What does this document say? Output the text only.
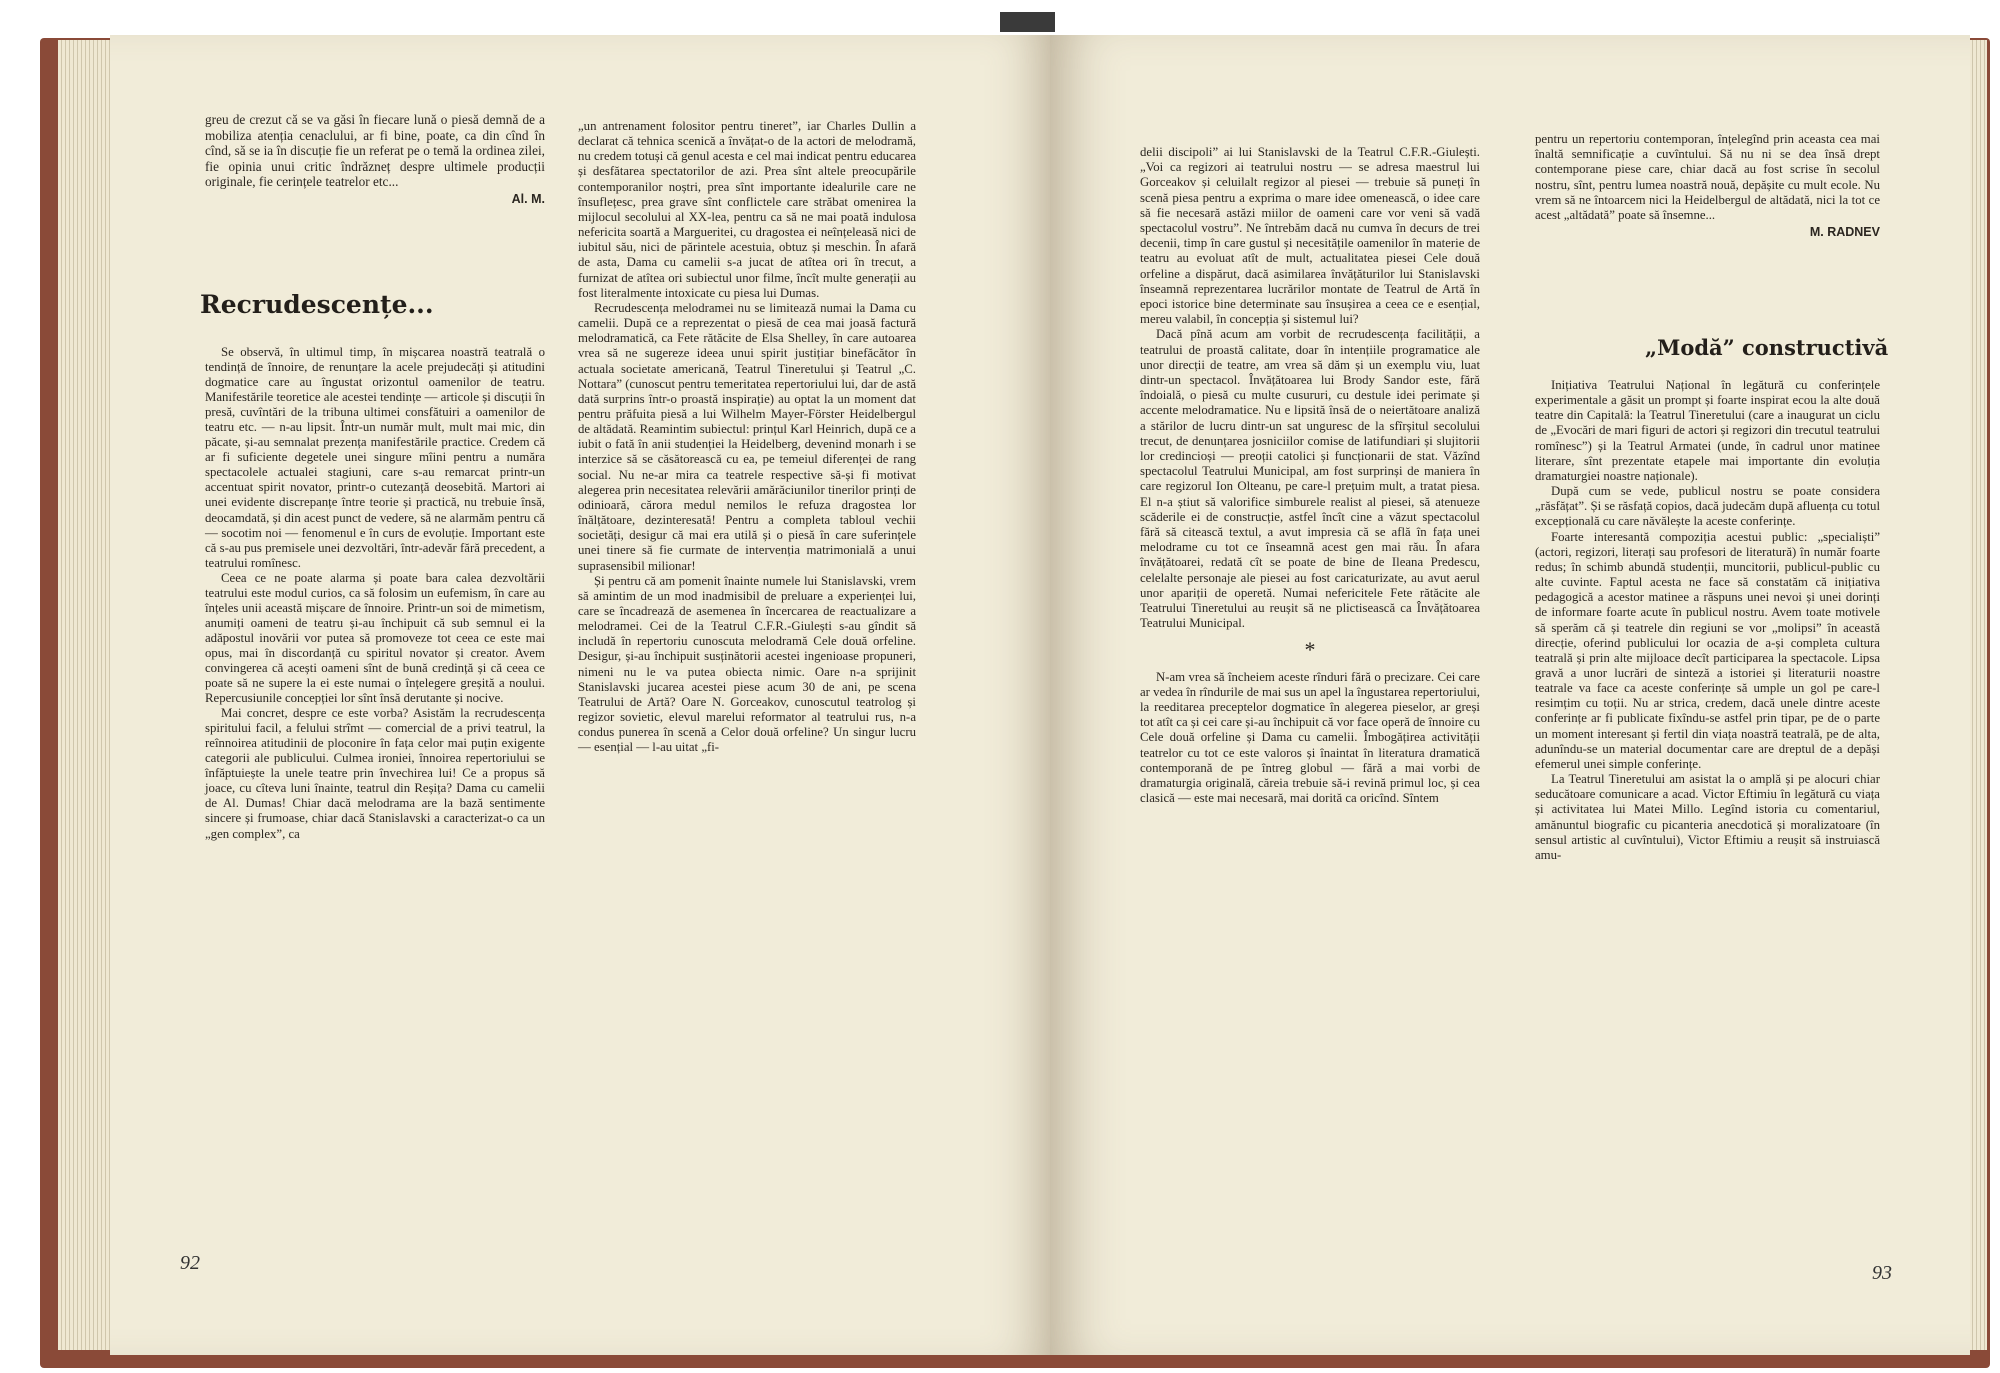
greu de crezut că se va găsi în fiecare lună o piesă demnă de a mobiliza atenția cenaclului, ar fi bine, poate, ca din cînd în cînd, să se ia în discuție fie un referat pe o temă la ordinea zilei, fie opinia unui critic îndrăzneț despre ultimele producții originale, fie cerințele teatrelor etc...

Al. M.
Recrudescențe...

Se observă, în ultimul timp, în mișcarea noastră teatrală o tendință de înnoire, de renunțare la acele prejudecăți și atitudini dogmatice care au îngustat orizontul oamenilor de teatru. Manifestările teoretice ale acestei tendințe — articole și discuții în presă, cuvîntări de la tribuna ultimei consfătuiri a oamenilor de teatru etc. — n-au lipsit. Într-un număr mult, mult mai mic, din păcate, și-au semnalat prezența manifestările practice. Credem că ar fi suficiente degetele unei singure mîini pentru a număra spectacolele actualei stagiuni, care s-au remarcat printr-un accentuat spirit novator, printr-o cutezanță deosebită. Martori ai unei evidente discrepanțe între teorie și practică, nu trebuie însă, deocamdată, și din acest punct de vedere, să ne alarmăm pentru că — socotim noi — fenomenul e în curs de evoluție. Important este că s-au pus premisele unei dezvoltări, într-adevăr fără precedent, a teatrului romînesc.

Ceea ce ne poate alarma și poate bara calea dezvoltării teatrului este modul curios, ca să folosim un eufemism, în care au înțeles unii această mișcare de înnoire. Printr-un soi de mimetism, anumiți oameni de teatru și-au închipuit că sub semnul ei la adăpostul inovării vor putea să promoveze tot ceea ce este mai opus, mai în discordanță cu spiritul novator și creator. Avem convingerea că acești oameni sînt de bună credință și că ceea ce poate să ne supere la ei este numai o înțelegere greșită a noului. Repercusiunile concepției lor sînt însă derutante și nocive.

Mai concret, despre ce este vorba? Asistăm la recrudescența spiritului facil, a felului strîmt — comercial de a privi teatrul, la reînnoirea atitudinii de ploconire în fața celor mai puțin exigente categorii ale publicului. Culmea ironiei, înnoirea repertoriului se înfăptuiește la unele teatre prin învechirea lui! Ce a propus să joace, cu cîteva luni înainte, teatrul din Reșița? Dama cu camelii de Al. Dumas! Chiar dacă melodrama are la bază sentimente sincere și frumoase, chiar dacă Stanislavski a caracterizat-o ca un „gen complex”, ca

„un antrenament folositor pentru tineret”, iar Charles Dullin a declarat că tehnica scenică a învățat-o de la actori de melodramă, nu credem totuși că genul acesta e cel mai indicat pentru educarea și desfătarea spectatorilor de azi. Prea sînt altele preocupările contemporanilor noștri, prea sînt importante idealurile care ne însuflețesc, prea grave sînt conflictele care străbat omenirea la mijlocul secolului al XX-lea, pentru ca să ne mai poată indulosa nefericita soartă a Margueritei, cu dragostea ei neînțeleasă nici de iubitul său, nici de părintele acestuia, obtuz și meschin. În afară de asta, Dama cu camelii s-a jucat de atîtea ori în trecut, a furnizat de atîtea ori subiectul unor filme, încît multe generații au fost literalmente intoxicate cu piesa lui Dumas.

Recrudescența melodramei nu se limitează numai la Dama cu camelii. După ce a reprezentat o piesă de cea mai joasă factură melodramatică, ca Fete rătăcite de Elsa Shelley, în care autoarea vrea să ne sugereze ideea unui spirit justițiar binefăcător în actuala societate americană, Teatrul Tineretului și Teatrul „C. Nottara” (cunoscut pentru temeritatea repertoriului lui, dar de astă dată surprins într-o proastă inspirație) au optat la un moment dat pentru prăfuita piesă a lui Wilhelm Mayer-Förster Heidelbergul de altădată. Reamintim subiectul: prințul Karl Heinrich, după ce a iubit o fată în anii studenției la Heidelberg, devenind monarh i se interzice să se căsătorească cu ea, pe temeiul diferenței de rang social. Nu ne-ar mira ca teatrele respective să-și fi motivat alegerea prin necesitatea relevării amărăciunilor tinerilor prinți de odinioară, cărora medul nemilos le refuza dragostea lor înălțătoare, dezinteresată! Pentru a completa tabloul vechii societăți, desigur că mai era utilă și o piesă în care suferințele unei tinere să fie curmate de intervenția matrimonială a unui suprasensibil milionar!

Și pentru că am pomenit înainte numele lui Stanislavski, vrem să amintim de un mod inadmisibil de preluare a experienței lui, care se încadrează de asemenea în încercarea de reactualizare a melodramei. Cei de la Teatrul C.F.R.-Giulești s-au gîndit să includă în repertoriu cunoscuta melodramă Cele două orfeline. Desigur, și-au închipuit susținătorii acestei ingenioase propuneri, nimeni nu le va putea obiecta nimic. Oare n-a sprijinit Stanislavski jucarea acestei piese acum 30 de ani, pe scena Teatrului de Artă? Oare N. Gorceakov, cunoscutul teatrolog și regizor sovietic, elevul marelui reformator al teatrului rus, n-a condus punerea în scenă a Celor două orfeline? Un singur lucru — esențial — l-au uitat „fi-

92

delii discipoli” ai lui Stanislavski de la Teatrul C.F.R.-Giulești. „Voi ca regizori ai teatrului nostru — se adresa maestrul lui Gorceakov și celuilalt regizor al piesei — trebuie să puneți în scenă piesa pentru a exprima o mare idee omenească, o idee care să fie necesară astăzi miilor de oameni care vor veni să vadă spectacolul vostru”. Ne întrebăm dacă nu cumva în decurs de trei decenii, timp în care gustul și necesitățile oamenilor în materie de teatru au evoluat atît de mult, actualitatea piesei Cele două orfeline a dispărut, dacă asimilarea învățăturilor lui Stanislavski înseamnă reprezentarea lucrărilor montate de Teatrul de Artă în epoci istorice bine determinate sau însușirea a ceea ce e esențial, mereu valabil, în concepția și sistemul lui?

Dacă pînă acum am vorbit de recrudescența facilității, a teatrului de proastă calitate, doar în intențiile programatice ale unor direcții de teatre, am vrea să dăm și un exemplu viu, luat dintr-un spectacol. Învățătoarea lui Brody Sandor este, fără îndoială, o piesă cu multe cusururi, cu destule idei perimate și accente melodramatice. Nu e lipsită însă de o neiertătoare analiză a stărilor de lucru dintr-un sat unguresc de la sfîrșitul secolului trecut, de denunțarea josniciilor comise de latifundiari și slujitorii lor credincioși — preoții catolici și funcționarii de stat. Văzînd spectacolul Teatrului Municipal, am fost surprinși de maniera în care regizorul Ion Olteanu, pe care-l prețuim mult, a tratat piesa. El n-a știut să valorifice simburele realist al piesei, să atenueze scăderile ei de construcție, astfel încît cine a văzut spectacolul fără să citească textul, a avut impresia că se află în fața unei melodrame cu tot ce înseamnă acest gen mai rău. În afara învățătoarei, redată cît se poate de bine de Ileana Predescu, celelalte personaje ale piesei au fost caricaturizate, au avut aerul unor apariții de operetă. Numai nefericitele Fete rătăcite ale Teatrului Tineretului au reușit să ne plictisească ca Învățătoarea Teatrului Municipal.

*

N-am vrea să încheiem aceste rînduri fără o precizare. Cei care ar vedea în rîndurile de mai sus un apel la îngustarea repertoriului, la reeditarea preceptelor dogmatice în alegerea pieselor, ar greși tot atît ca și cei care și-au închipuit că vor face operă de înnoire cu Cele două orfeline și Dama cu camelii. Îmbogățirea activității teatrelor cu tot ce este valoros și înaintat în literatura dramatică contemporană de pe întreg globul — fără a mai vorbi de dramaturgia originală, căreia trebuie să-i revină primul loc, și cea clasică — este mai necesară, mai dorită ca oricînd. Sîntem

pentru un repertoriu contemporan, înțelegînd prin aceasta cea mai înaltă semnificație a cuvîntului. Să nu ni se dea însă drept contemporane piese care, chiar dacă au fost scrise în secolul nostru, sînt, pentru lumea noastră nouă, depășite cu mult ecole. Nu vrem să ne întoarcem nici la Heidelbergul de altădată, nici la tot ce acest „altădată” poate să însemne...

M. RADNEV
„Modă” constructivă

Inițiativa Teatrului Național în legătură cu conferințele experimentale a găsit un prompt și foarte inspirat ecou la alte două teatre din Capitală: la Teatrul Tineretului (care a inaugurat un ciclu de „Evocări de mari figuri de actori și regizori din trecutul teatrului romînesc”) și la Teatrul Armatei (unde, în cadrul unor matinee literare, sînt prezentate etapele mai importante din evoluția dramaturgiei noastre naționale).

După cum se vede, publicul nostru se poate considera „răsfățat”. Și se răsfață copios, dacă judecăm după afluența cu totul excepțională cu care năvălește la aceste conferințe.

Foarte interesantă compoziția acestui public: „specialiști” (actori, regizori, literați sau profesori de literatură) în număr foarte redus; în schimb abundă studenții, muncitorii, publicul-public cu alte cuvinte. Faptul acesta ne face să constatăm că inițiativa pedagogică a acestor matinee a răspuns unei nevoi și unei dorinți de informare foarte acute în publicul nostru. Avem toate motivele să sperăm că și teatrele din regiuni se vor „molipsi” în această direcție, oferind publicului lor ocazia de a-și completa cultura teatrală și prin alte mijloace decît participarea la spectacole. Lipsa gravă a unor lucrări de sinteză a istoriei și literaturii noastre teatrale va face ca aceste conferințe să umple un gol pe care-l resimțim cu toții. Nu ar strica, credem, dacă unele dintre aceste conferințe ar fi publicate fixîndu-se astfel prin tipar, pe de o parte un moment interesant și fertil din viața noastră teatrală, pe de alta, adunîndu-se un material documentar care are dreptul de a depăși efemerul unei simple conferințe.

La Teatrul Tineretului am asistat la o amplă și pe alocuri chiar seducătoare comunicare a acad. Victor Eftimiu în legătură cu viața și activitatea lui Matei Millo. Legînd istoria cu comentariul, amănuntul biografic cu picanteria anecdotică și moralizatoare (în sensul artistic al cuvîntului), Victor Eftimiu a reușit să instruiască amu-

93
